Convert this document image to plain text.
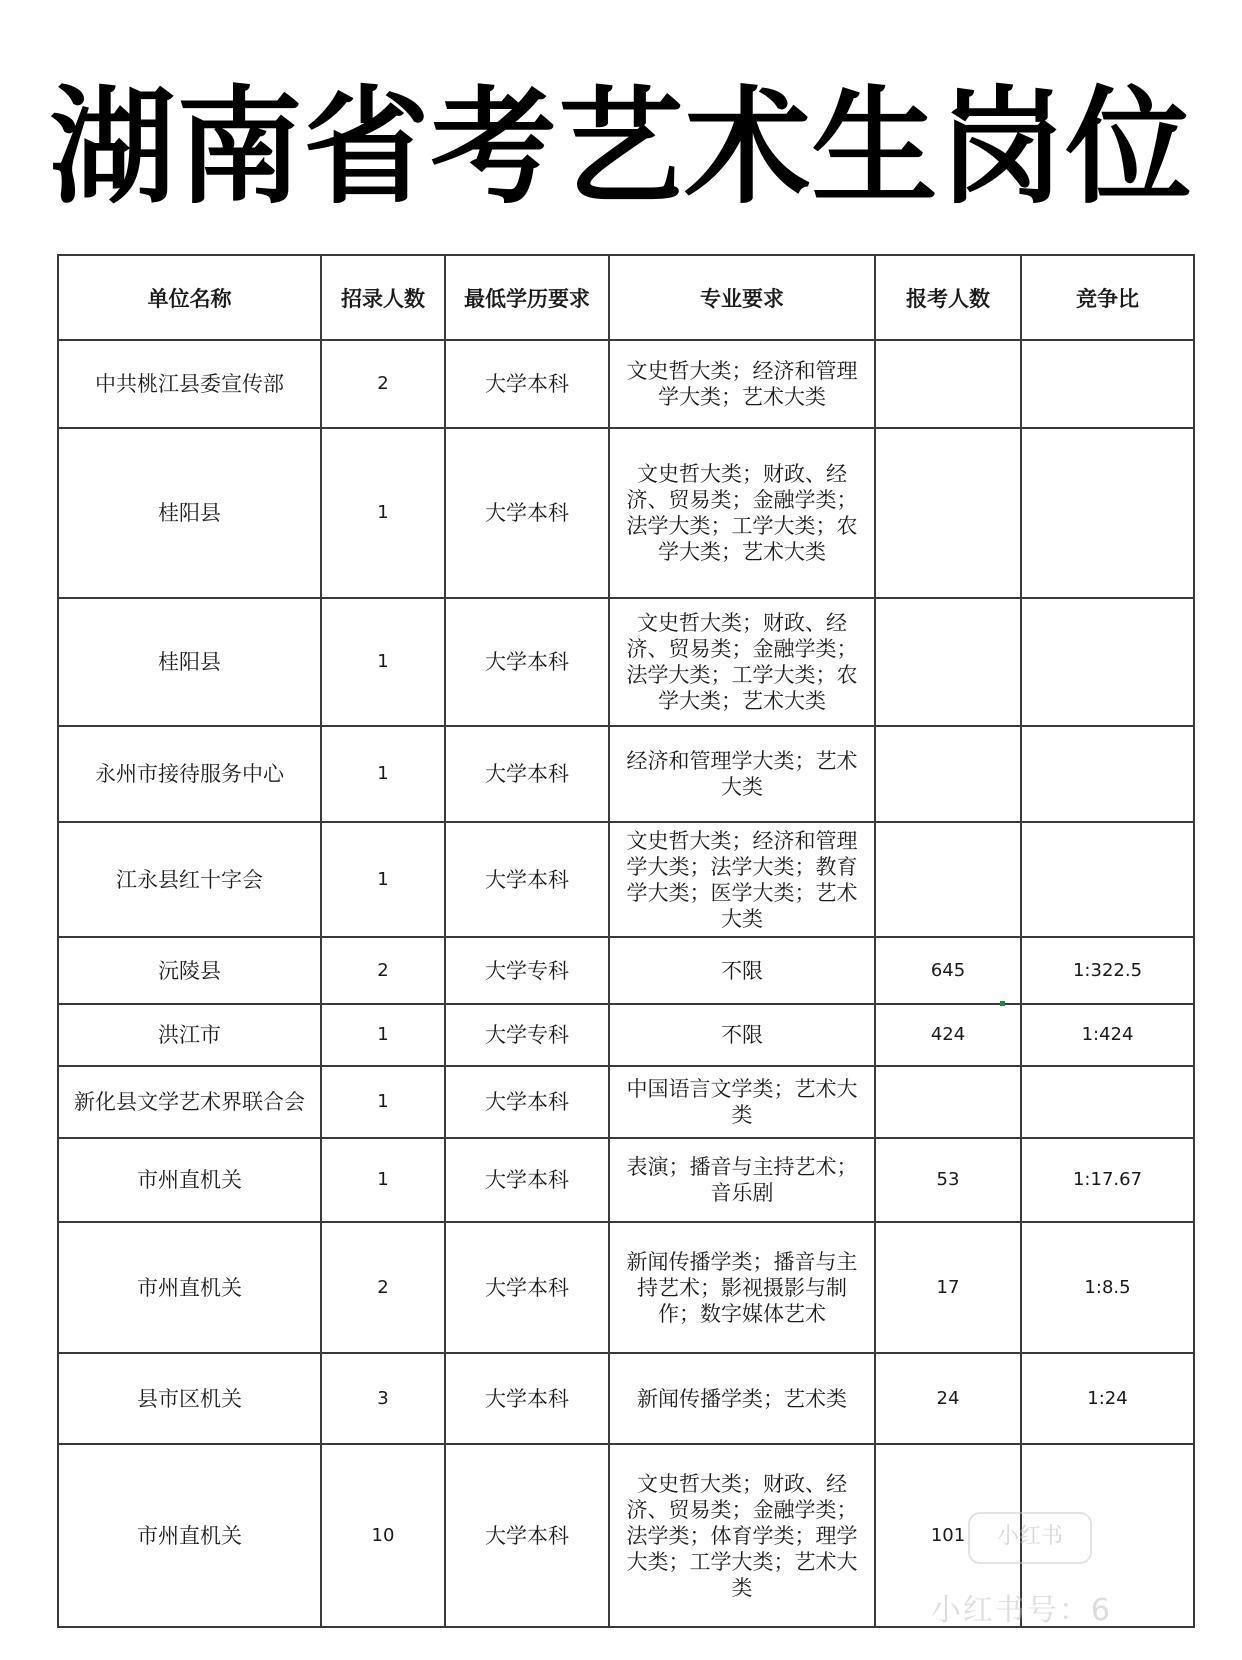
湖南省考艺术生岗位
单位名称	招录人数	最低学历要求	专业要求	报考人数	竞争比
中共桃江县委宣传部	2	大学本科	文史哲大类；经济和管理学大类；艺术大类		
桂阳县	1	大学本科	文史哲大类；财政、经济、贸易类；金融学类；法学大类；工学大类；农学大类；艺术大类		
桂阳县	1	大学本科	文史哲大类；财政、经济、贸易类；金融学类；法学大类；工学大类；农学大类；艺术大类		
永州市接待服务中心	1	大学本科	经济和管理学大类；艺术大类		
江永县红十字会	1	大学本科	文史哲大类；经济和管理学大类；法学大类；教育学大类；医学大类；艺术大类		
沅陵县	2	大学专科	不限	645	1:322.5
洪江市	1	大学专科	不限	424	1:424
新化县文学艺术界联合会	1	大学本科	中国语言文学类；艺术大类		
市州直机关	1	大学本科	表演；播音与主持艺术；音乐剧	53	1:17.67
市州直机关	2	大学本科	新闻传播学类；播音与主持艺术；影视摄影与制作；数字媒体艺术	17	1:8.5
县市区机关	3	大学本科	新闻传播学类；艺术类	24	1:24
市州直机关	10	大学本科	文史哲大类；财政、经济、贸易类；金融学类；法学类；体育学类；理学大类；工学大类；艺术大类	101		小红书
小红书号：6
